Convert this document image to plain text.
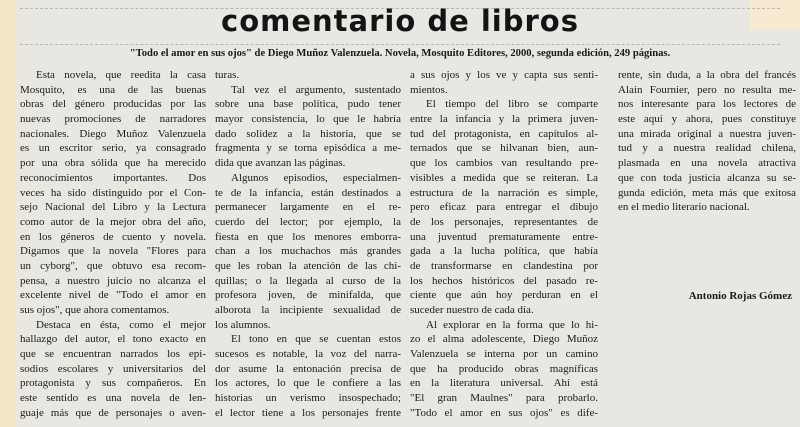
comentario de libros
"Todo el amor en sus ojos" de Diego Muñoz Valenzuela. Novela, Mosquito Editores, 2000, segunda edición, 249 páginas.
Esta novela, que reedita la casa
Mosquito, es una de las buenas
obras del género producidas por las
nuevas promociones de narradores
nacionales. Diego Muñoz Valenzuela
es un escritor serio, ya consagrado
por una obra sólida que ha merecido
reconocimientos importantes. Dos
veces ha sido distinguido por el Con-
sejo Nacional del Libro y la Lectura
como autor de la mejor obra del año,
en los géneros de cuento y novela.
Digamos que la novela "Flores para
un cyborg", que obtuvo esa recom-
pensa, a nuestro juicio no alcanza el
excelente nivel de "Todo el amor en
sus ojos", que ahora comentamos.
Destaca en ésta, como el mejor
hallazgo del autor, el tono exacto en
que se encuentran narrados los epi-
sodios escolares y universitarios del
protagonista y sus compañeros. En
este sentido es una novela de len-
guaje más que de personajes o aven-
turas.
Tal vez el argumento, sustentado
sobre una base política, pudo tener
mayor consistencia, lo que le habría
dado solidez a la historia, que se
fragmenta y se torna episódica a me-
dida que avanzan las páginas.
Algunos episodios, especialmen-
te de la infancia, están destinados a
permanecer largamente en el re-
cuerdo del lector; por ejemplo, la
fiesta en que los menores emborra-
chan a los muchachos más grandes
que les roban la atención de las chi-
quillas; o la llegada al curso de la
profesora joven, de minifalda, que
alborota la incipiente sexualidad de
los alumnos.
El tono en que se cuentan estos
sucesos es notable, la voz del narra-
dor asume la entonación precisa de
los actores, lo que le confiere a las
historias un verismo insospechado;
el lector tiene a los personajes frente
a sus ojos y los ve y capta sus senti-
mientos.
El tiempo del libro se comparte
entre la infancia y la primera juven-
tud del protagonista, en capítulos al-
ternados que se hilvanan bien, aun-
que los cambios van resultando pre-
visibles a medida que se reiteran. La
estructura de la narración es simple,
pero eficaz para entregar el dibujo
de los personajes, representantes de
una juventud prematuramente entre-
gada a la lucha política, que había
de transformarse en clandestina por
los hechos históricos del pasado re-
ciente que aún hoy perduran en el
suceder nuestro de cada día.
Al explorar en la forma que lo hi-
zo el alma adolescente, Diego Muñoz
Valenzuela se interna por un camino
que ha producido obras magníficas
en la literatura universal. Ahí está
"El gran Maulnes" para probarlo.
"Todo el amor en sus ojos" es dife-
rente, sin duda, a la obra del francés
Alain Fournier, pero no resulta me-
nos interesante para los lectores de
este aquí y ahora, pues constituye
una mirada original a nuestra juven-
tud y a nuestra realidad chilena,
plasmada en una novela atractiva
que con toda justicia alcanza su se-
gunda edición, meta más que exitosa
en el medio literario nacional.
Antonio Rojas Gómez
